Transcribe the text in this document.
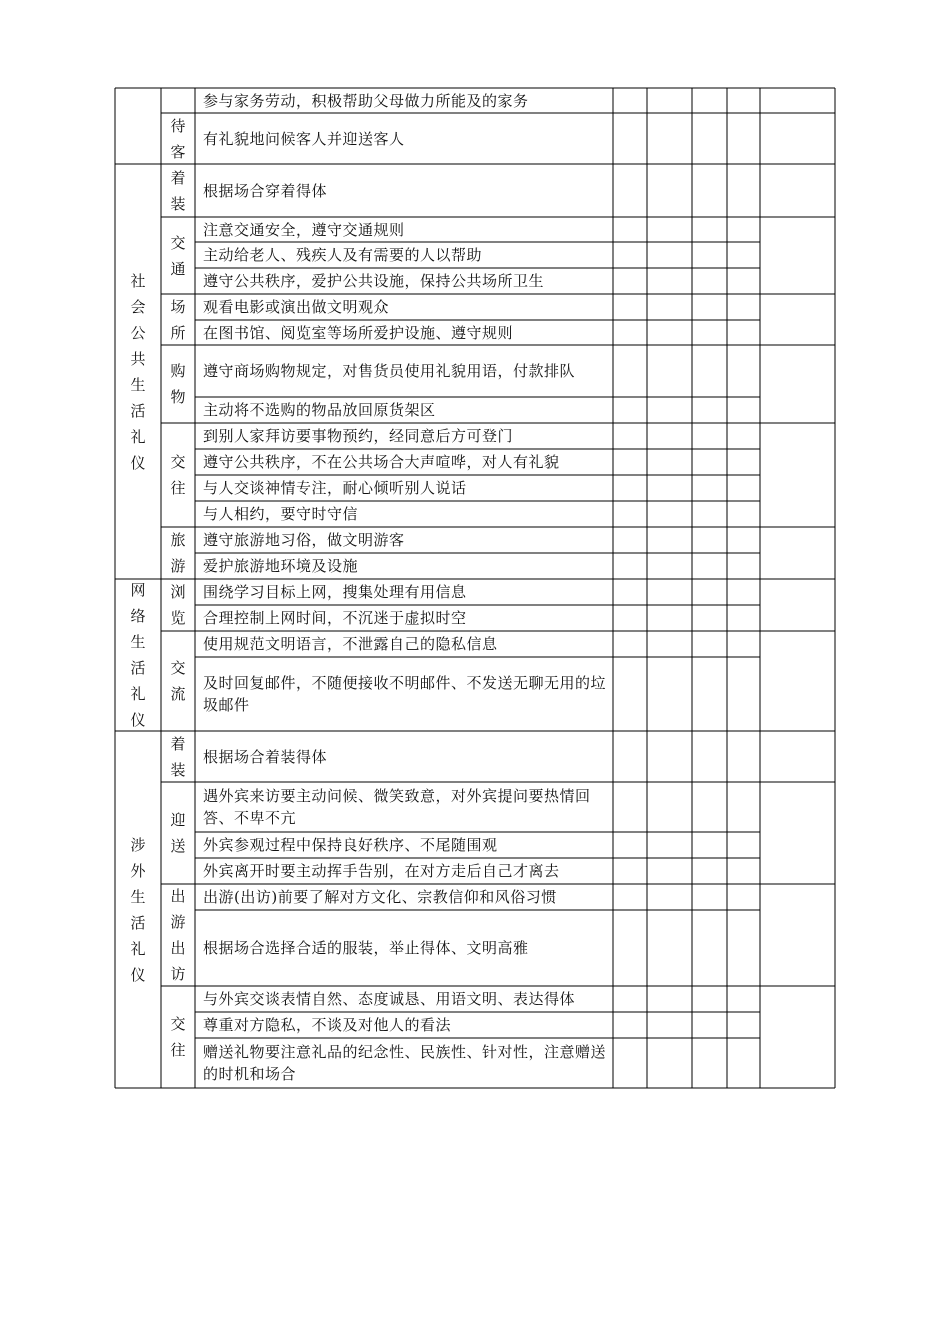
社会公共生活礼仪
网络生活礼仪
涉外生活礼仪
待客
着装
交通
场所
购物
交往
旅游
浏览
交流
着装
迎送
出游出访
交往
参与家务劳动，积极帮助父母做力所能及的家务
有礼貌地问候客人并迎送客人
根据场合穿着得体
注意交通安全，遵守交通规则
主动给老人、残疾人及有需要的人以帮助
遵守公共秩序，爱护公共设施，保持公共场所卫生
观看电影或演出做文明观众
在图书馆、阅览室等场所爱护设施、遵守规则
遵守商场购物规定，对售货员使用礼貌用语，付款排队
主动将不选购的物品放回原货架区
到别人家拜访要事物预约，经同意后方可登门
遵守公共秩序，不在公共场合大声喧哗，对人有礼貌
与人交谈神情专注，耐心倾听别人说话
与人相约，要守时守信
遵守旅游地习俗，做文明游客
爱护旅游地环境及设施
围绕学习目标上网，搜集处理有用信息
合理控制上网时间，不沉迷于虚拟时空
使用规范文明语言，不泄露自己的隐私信息
及时回复邮件，不随便接收不明邮件、不发送无聊无用的垃圾邮件
根据场合着装得体
遇外宾来访要主动问候、微笑致意，对外宾提问要热情回答、不卑不亢
外宾参观过程中保持良好秩序、不尾随围观
外宾离开时要主动挥手告别，在对方走后自己才离去
出游(出访)前要了解对方文化、宗教信仰和风俗习惯
根据场合选择合适的服装，举止得体、文明高雅
与外宾交谈表情自然、态度诚恳、用语文明、表达得体
尊重对方隐私，不谈及对他人的看法
赠送礼物要注意礼品的纪念性、民族性、针对性，注意赠送的时机和场合
